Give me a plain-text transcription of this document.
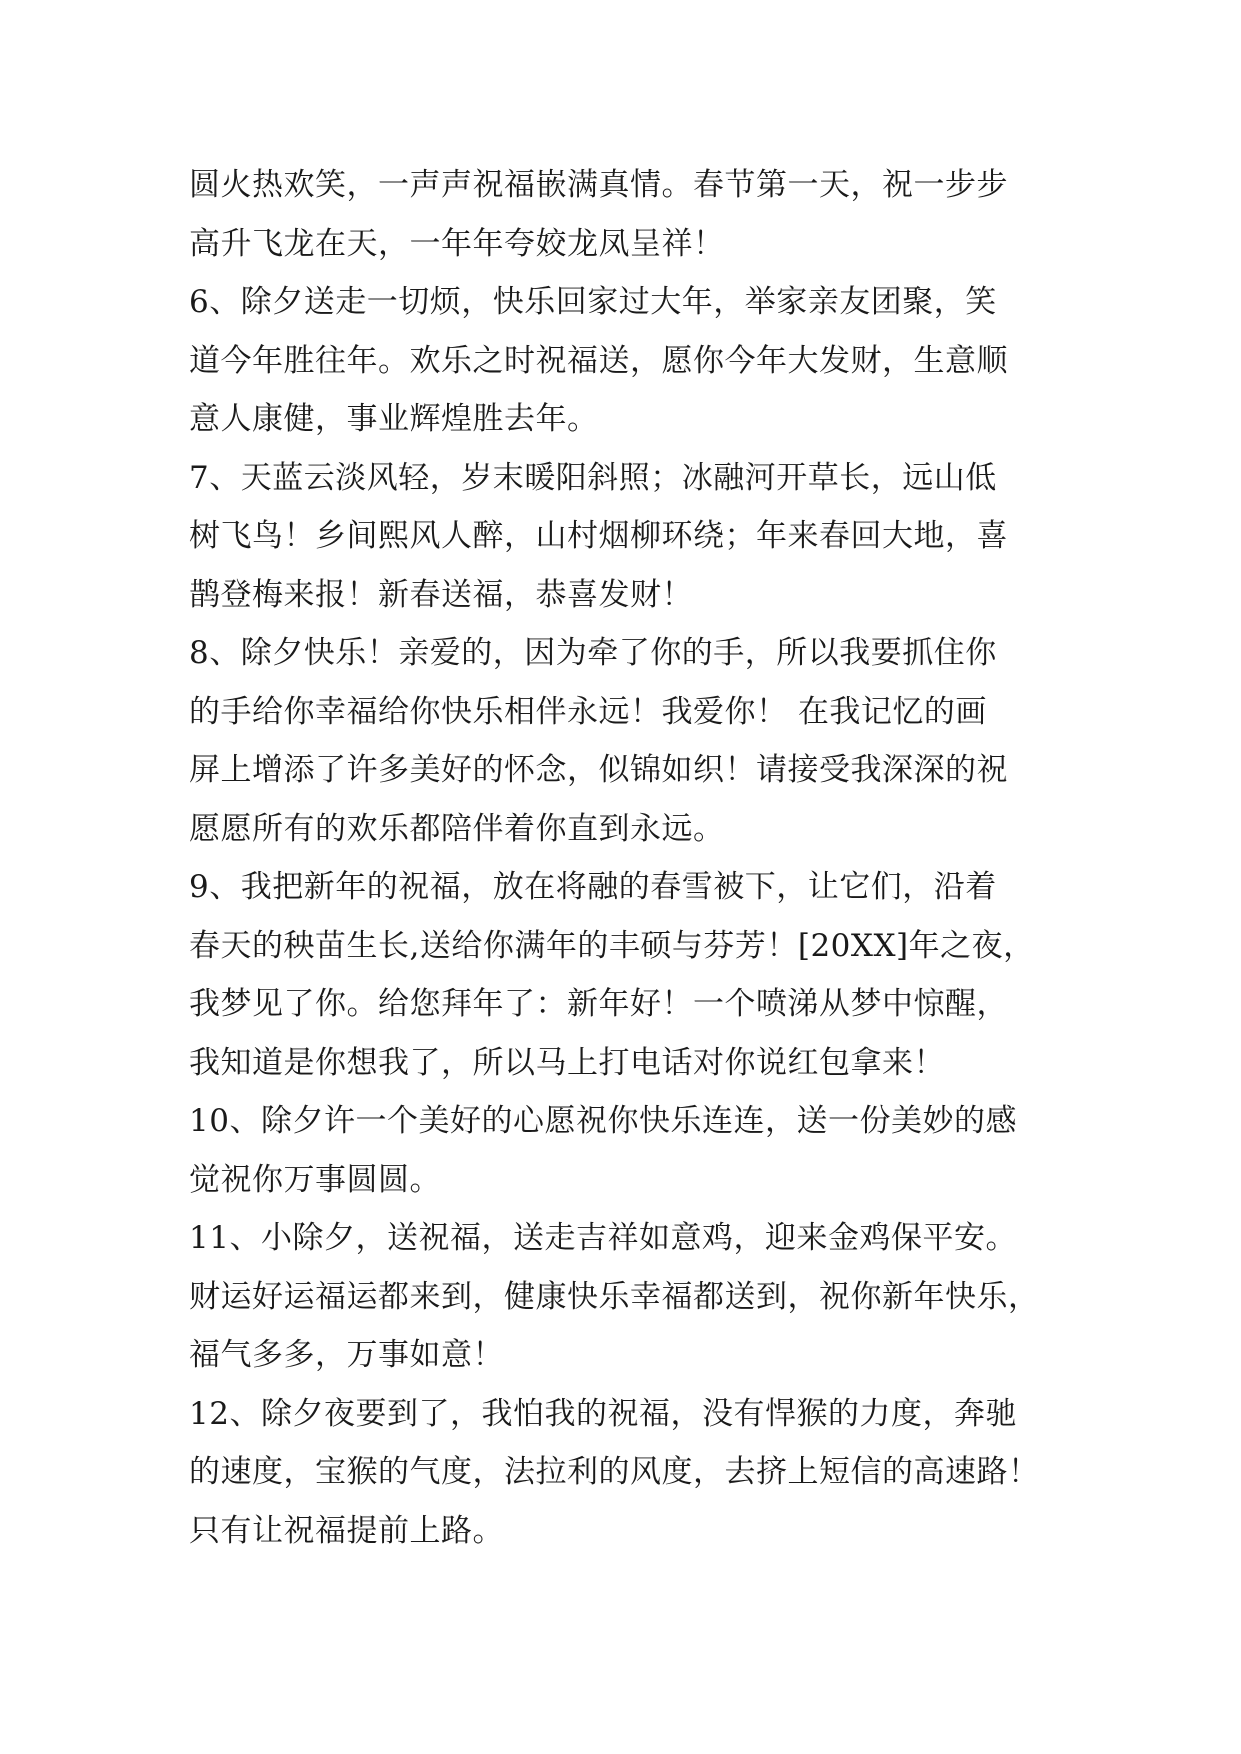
圆火热欢笑，一声声祝福嵌满真情。春节第一天，祝一步步
高升飞龙在天，一年年夸姣龙凤呈祥！
6、除夕送走一切烦，快乐回家过大年，举家亲友团聚，笑
道今年胜往年。欢乐之时祝福送，愿你今年大发财，生意顺
意人康健，事业辉煌胜去年。
7、天蓝云淡风轻，岁末暖阳斜照；冰融河开草长，远山低
树飞鸟！乡间熙风人醉，山村烟柳环绕；年来春回大地，喜
鹊登梅来报！新春送福，恭喜发财！
8、除夕快乐！亲爱的，因为牵了你的手，所以我要抓住你
的手给你幸福给你快乐相伴永远！我爱你！ 在我记忆的画
屏上增添了许多美好的怀念，似锦如织！请接受我深深的祝
愿愿所有的欢乐都陪伴着你直到永远。
9、我把新年的祝福，放在将融的春雪被下，让它们，沿着
春天的秧苗生长,送给你满年的丰硕与芬芳！[20XX]年之夜，
我梦见了你。给您拜年了：新年好！一个喷涕从梦中惊醒，
我知道是你想我了，所以马上打电话对你说红包拿来！
10、除夕许一个美好的心愿祝你快乐连连，送一份美妙的感
觉祝你万事圆圆。
11、小除夕，送祝福，送走吉祥如意鸡，迎来金鸡保平安。
财运好运福运都来到，健康快乐幸福都送到，祝你新年快乐，
福气多多，万事如意！
12、除夕夜要到了，我怕我的祝福，没有悍猴的力度，奔驰
的速度，宝猴的气度，法拉利的风度，去挤上短信的高速路！
只有让祝福提前上路。
